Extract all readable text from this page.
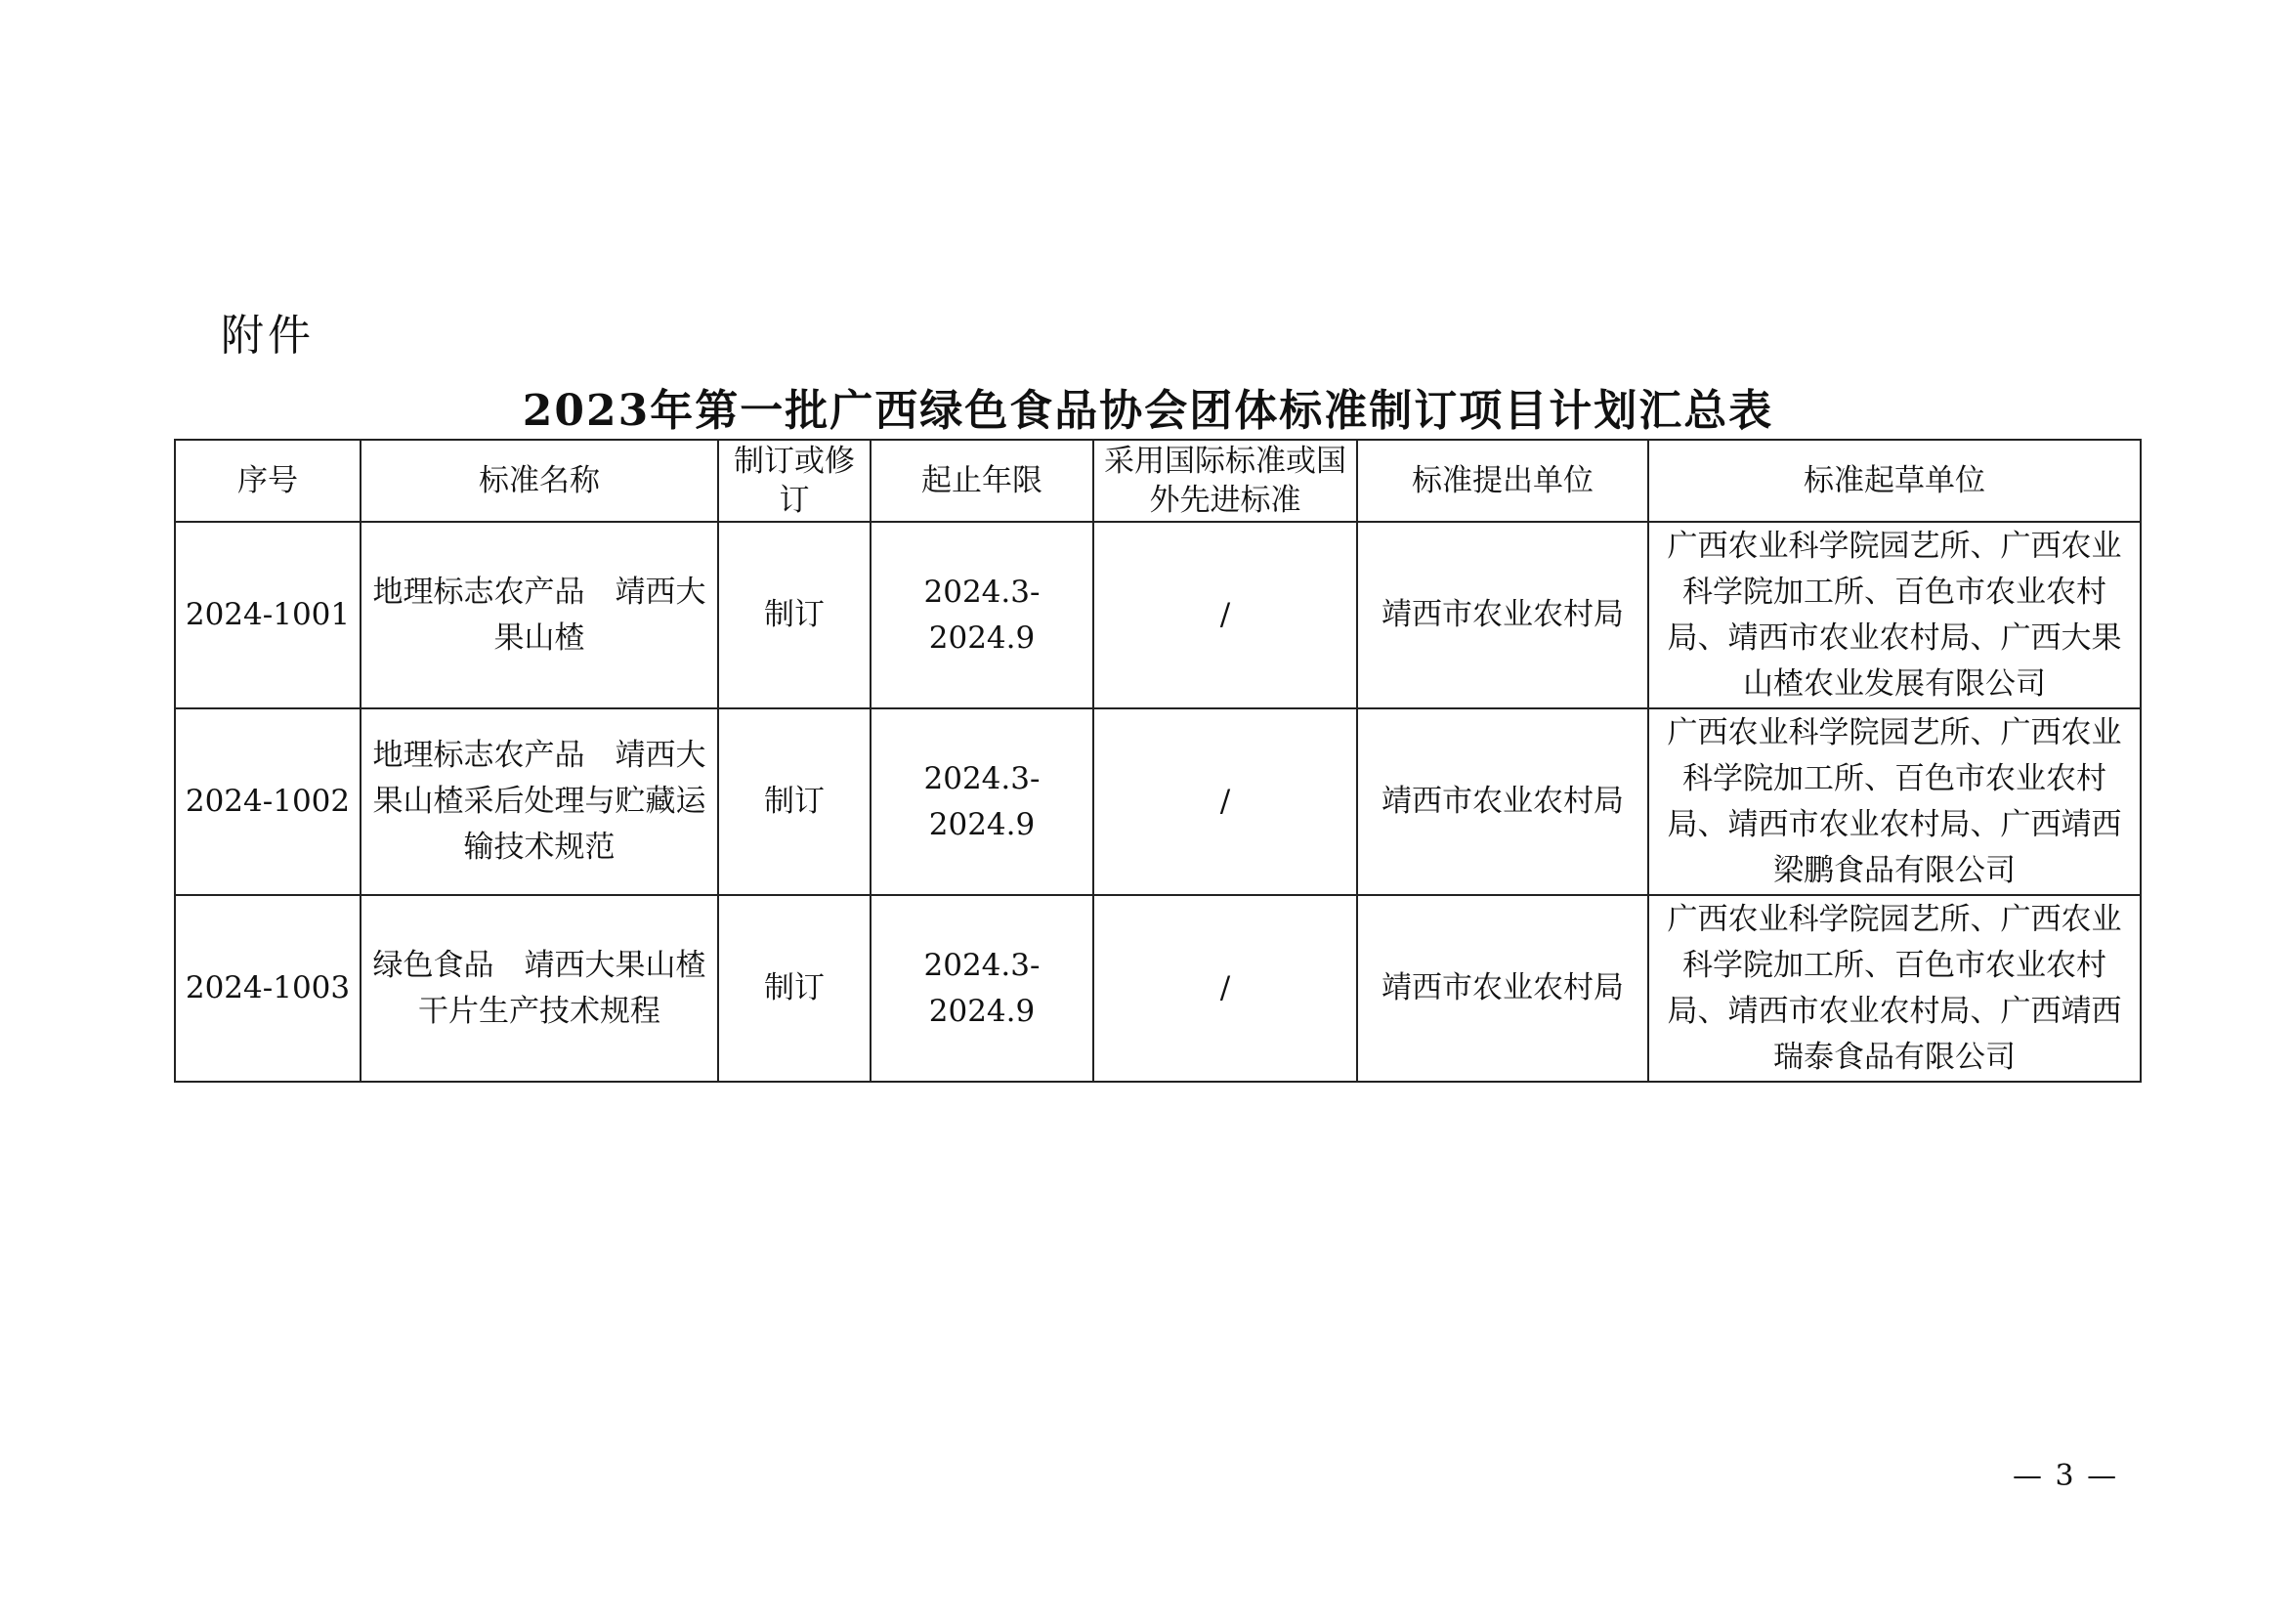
附件
2023年第一批广西绿色食品协会团体标准制订项目计划汇总表
序号	标准名称	制订或修订	起止年限	采用国际标准或国外先进标准	标准提出单位	标准起草单位
2024-1001	地理标志农产品　靖西大果山楂	制订	2024.3-2024.9	/	靖西市农业农村局	广西农业科学院园艺所、广西农业科学院加工所、百色市农业农村局、靖西市农业农村局、广西大果山楂农业发展有限公司
2024-1002	地理标志农产品　靖西大果山楂采后处理与贮藏运输技术规范	制订	2024.3-2024.9	/	靖西市农业农村局	广西农业科学院园艺所、广西农业科学院加工所、百色市农业农村局、靖西市农业农村局、广西靖西梁鹏食品有限公司
2024-1003	绿色食品　靖西大果山楂干片生产技术规程	制订	2024.3-2024.9	/	靖西市农业农村局	广西农业科学院园艺所、广西农业科学院加工所、百色市农业农村局、靖西市农业农村局、广西靖西瑞泰食品有限公司
— 3 —
